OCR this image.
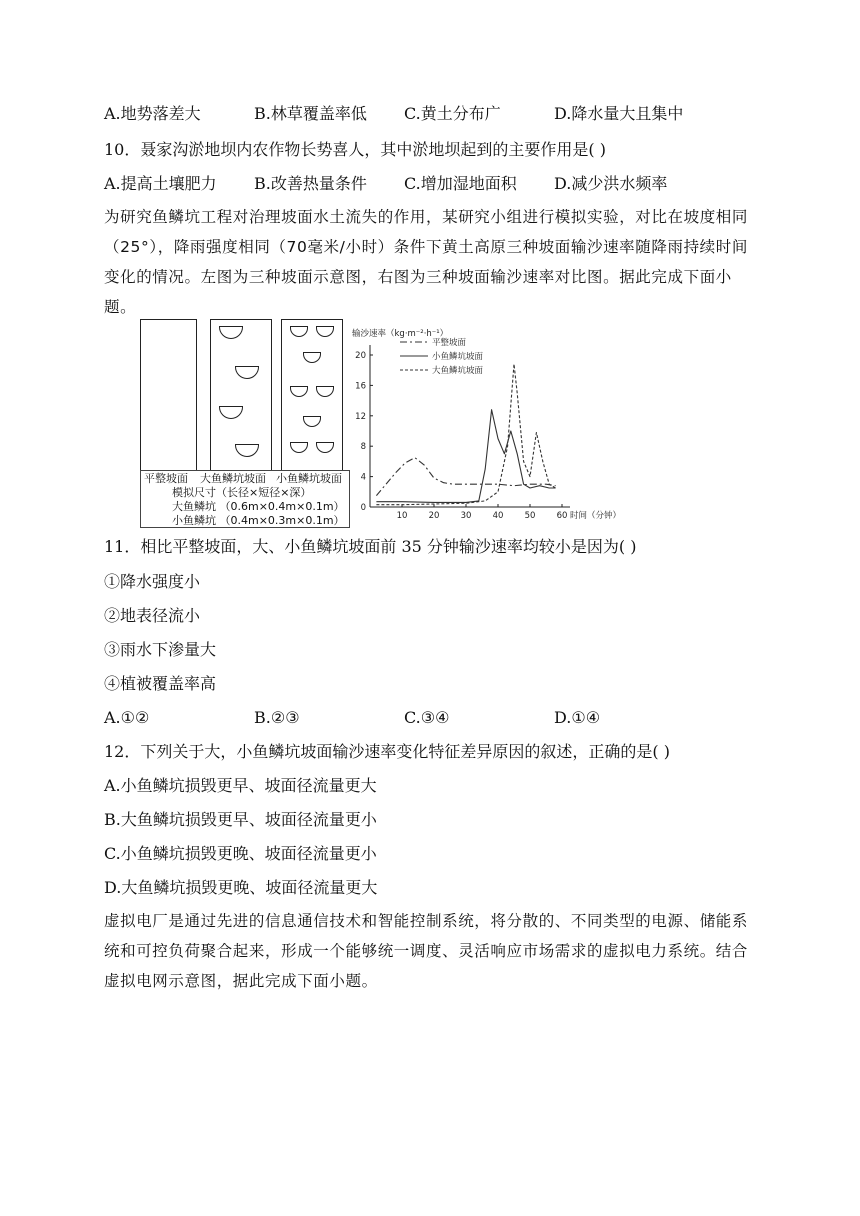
A.地势落差大	B.林草覆盖率低 C.黄土分布广	D.降水量大且集中
10．聂家沟淤地坝内农作物长势喜人，其中淤地坝起到的主要作用是( )
A.提高土壤肥力 B.改善热量条件 C.增加湿地面积 D.减少洪水频率
为研究鱼鳞坑工程对治理坡面水土流失的作用，某研究小组进行模拟实验，对比在坡度相同（25°），降雨强度相同（70毫米/小时）条件下黄土高原三种坡面输沙速率随降雨持续时间变化的情况。左图为三种坡面示意图，右图为三种坡面输沙速率对比图。据此完成下面小题。
平整坡面 大鱼鳞坑坡面 小鱼鳞坑坡面
模拟尺寸（长径×短径×深）
大鱼鳞坑 （0.6m×0.4m×0.1m）
小鱼鳞坑 （0.4m×0.3m×0.1m）
输沙速率（kg·m⁻²·h⁻¹）
0
4
8
12
16
20
10 20 30 40 50 60 时间（分钟）
平整坡面
小鱼鳞坑坡面
大鱼鳞坑坡面
11．相比平整坡面，大、小鱼鳞坑坡面前 35 分钟输沙速率均较小是因为( )
①降水强度小
②地表径流小
③雨水下渗量大
④植被覆盖率高
A.①②	B.②③	C.③④	D.①④
12．下列关于大，小鱼鳞坑坡面输沙速率变化特征差异原因的叙述，正确的是( )
A.小鱼鳞坑损毁更早、坡面径流量更大
B.大鱼鳞坑损毁更早、坡面径流量更小
C.小鱼鳞坑损毁更晚、坡面径流量更小
D.大鱼鳞坑损毁更晚、坡面径流量更大
虚拟电厂是通过先进的信息通信技术和智能控制系统，将分散的、不同类型的电源、储能系统和可控负荷聚合起来，形成一个能够统一调度、灵活响应市场需求的虚拟电力系统。结合虚拟电网示意图，据此完成下面小题。
